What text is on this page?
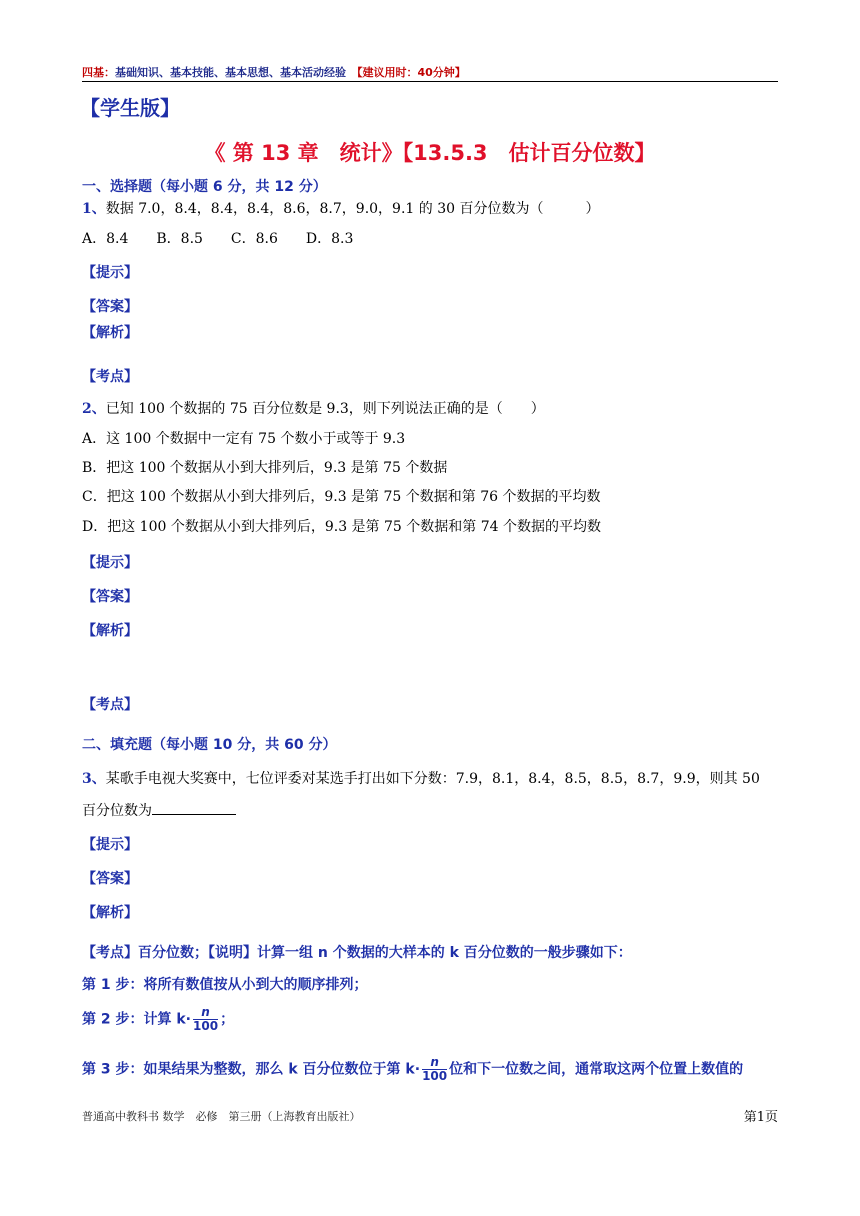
四基：基础知识、基本技能、基本思想、基本活动经验　 【建议用时：40分钟】
【学生版】
《 第 13 章　统计》【13.5.3　估计百分位数】
一、选择题（每小题 6 分，共 12 分）
1、数据 7.0，8.4，8.4，8.4，8.6，8.7，9.0，9.1 的 30 百分位数为（　　　）
A．8.4　　B．8.5　　C．8.6　　D．8.3
【提示】
【答案】
【解析】
【考点】
2、已知 100 个数据的 75 百分位数是 9.3，则下列说法正确的是（　　）
A．这 100 个数据中一定有 75 个数小于或等于 9.3
B．把这 100 个数据从小到大排列后，9.3 是第 75 个数据
C．把这 100 个数据从小到大排列后，9.3 是第 75 个数据和第 76 个数据的平均数
D．把这 100 个数据从小到大排列后，9.3 是第 75 个数据和第 74 个数据的平均数
【提示】
【答案】
【解析】
【考点】
二、填充题（每小题 10 分，共 60 分）
3、某歌手电视大奖赛中，七位评委对某选手打出如下分数：7.9，8.1，8.4，8.5，8.5，8.7，9.9，则其 50
百分位数为
【提示】
【答案】
【解析】
【考点】百分位数；【说明】计算一组 n 个数据的大样本的 k 百分位数的一般步骤如下：
第 1 步：将所有数值按从小到大的顺序排列；
第 2 步：计算 $k\cdot \frac{n}{100}$ ；
第 3 步：如果结果为整数，那么 k 百分位数位于第 $k\cdot \frac{n}{100}$ 位和下一位数之间，通常取这两个位置上数值的
普通高中教科书 数学　必修　第三册（上海教育出版社）	第1页
